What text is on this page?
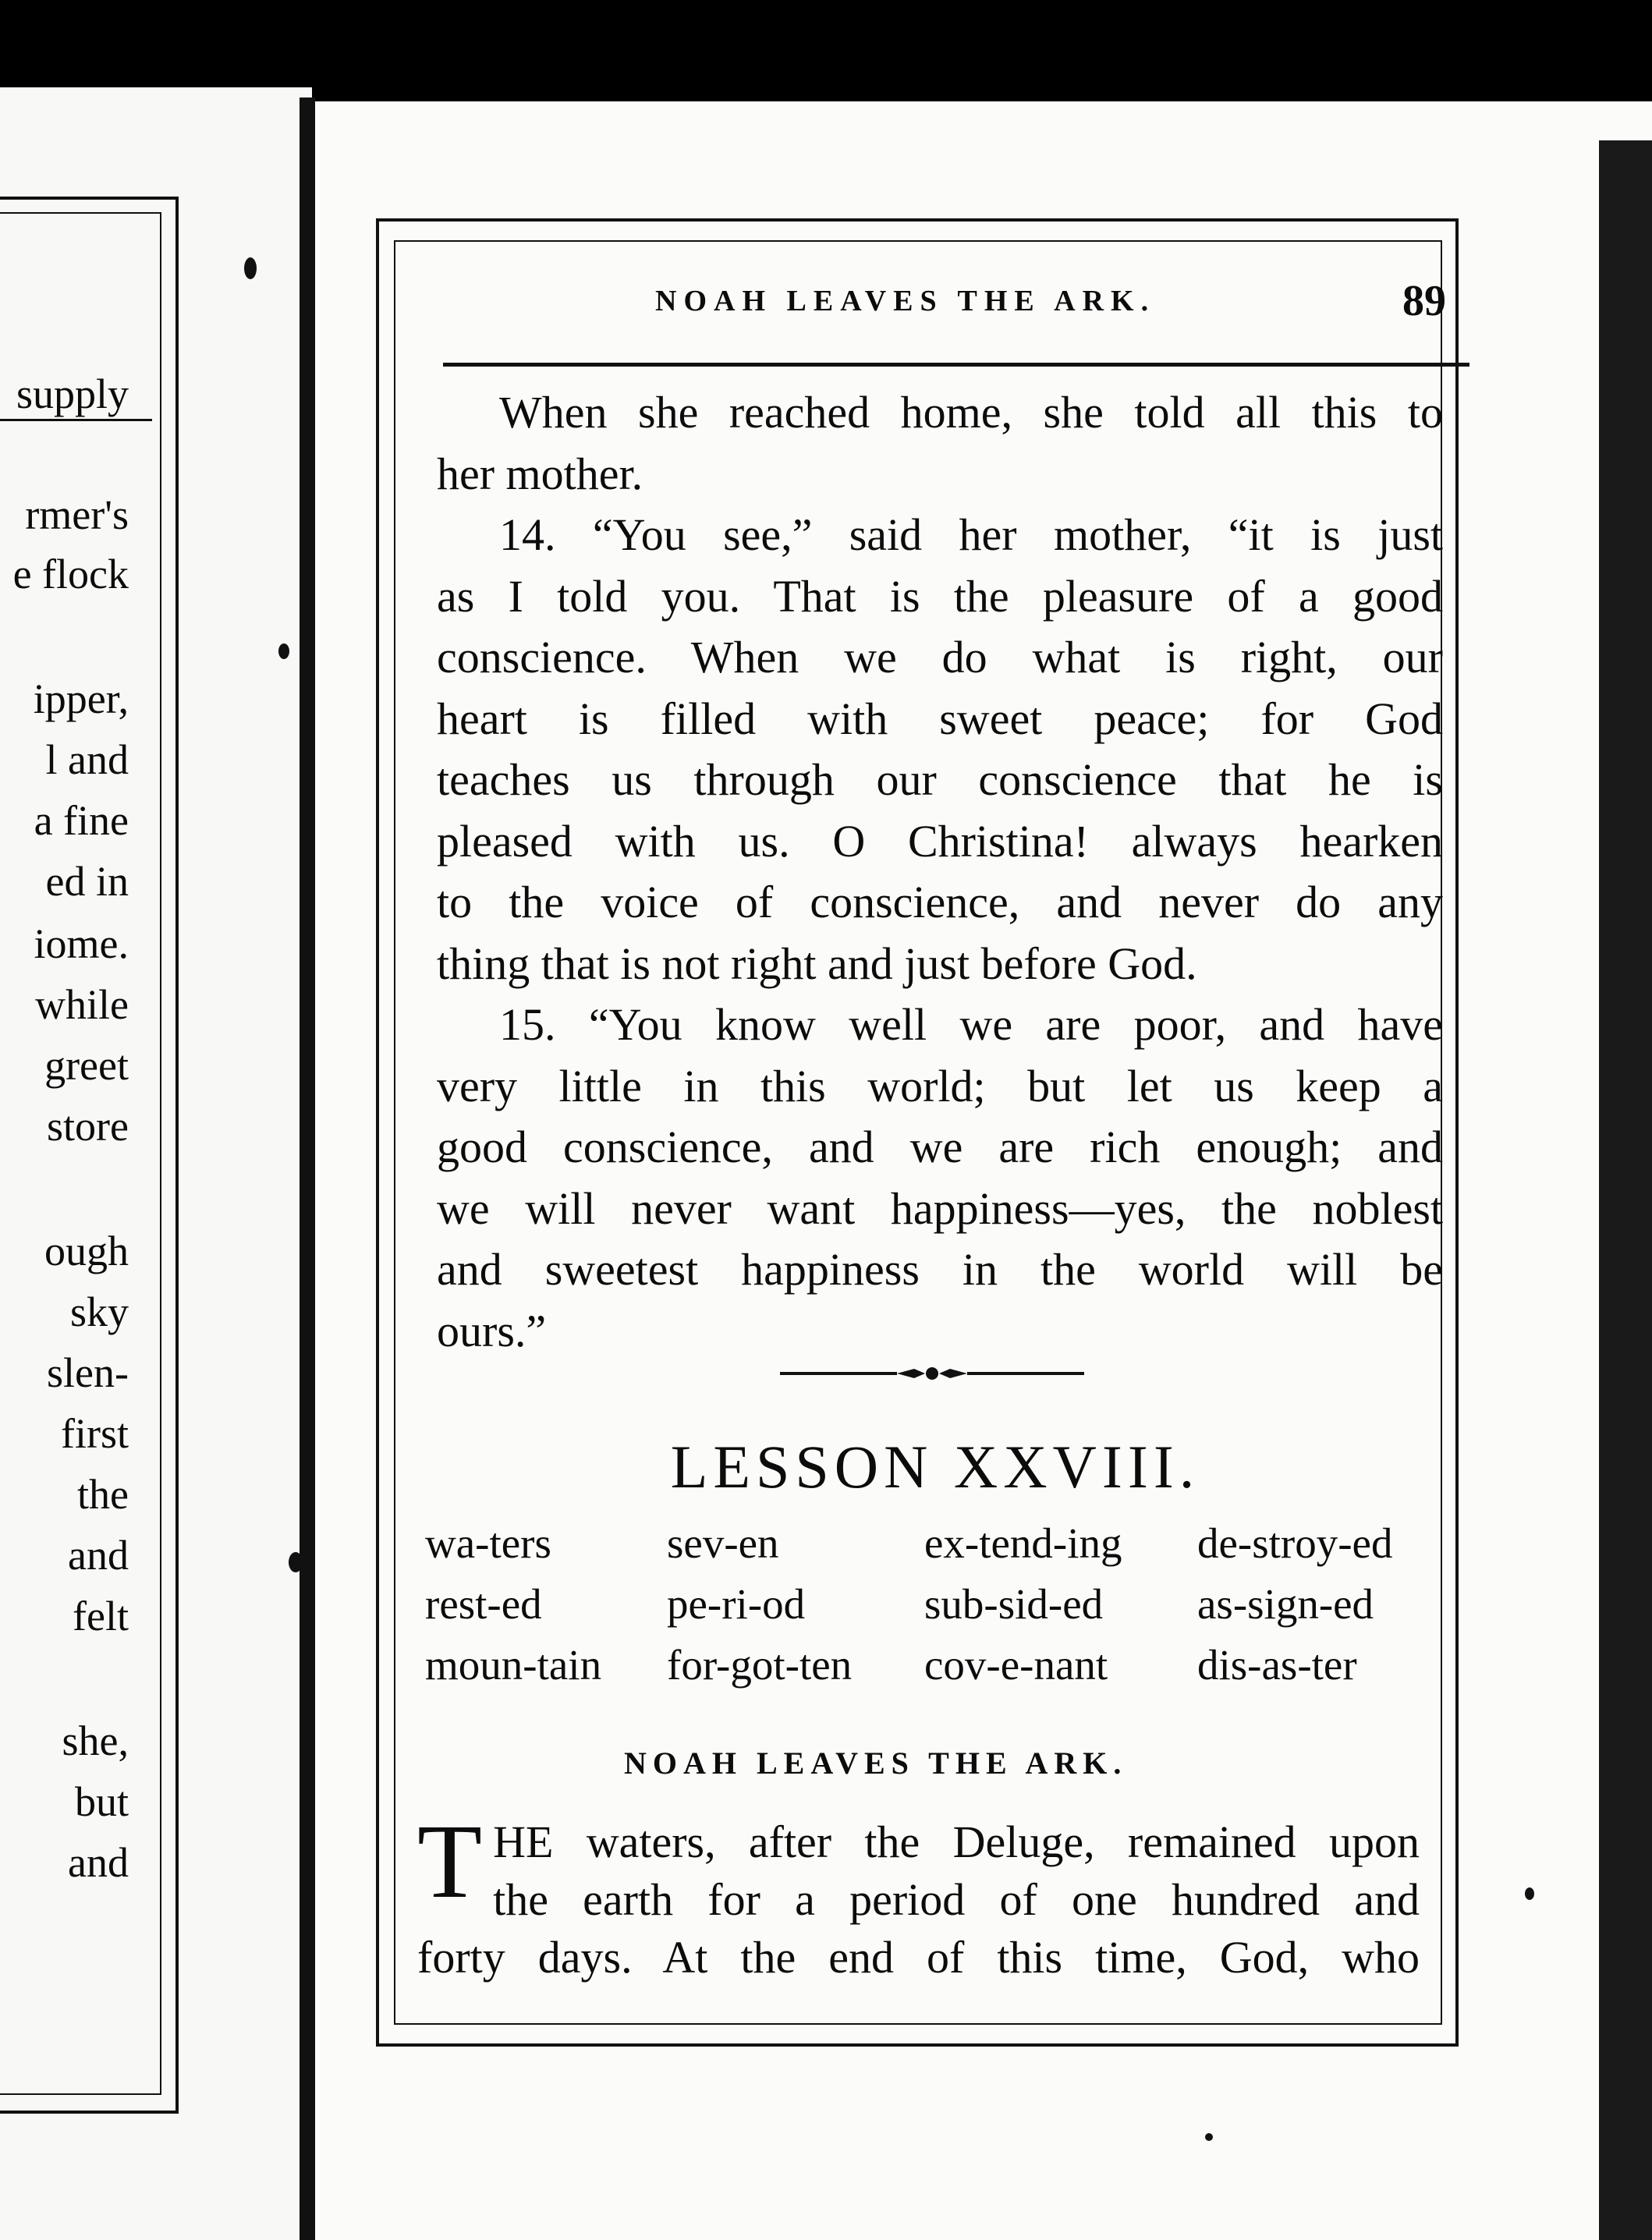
supply
rmer's
e flock
ipper,
l and
a fine
ed in
iome.
while
greet
store
ough
sky
slen-
first
the
and
felt
she,
but
and
NOAH LEAVES THE ARK.	89
When she reached home, she told all this to
her mother.
14. “You see,” said her mother, “it is just
as I told you. That is the pleasure of a good
conscience. When we do what is right, our
heart is filled with sweet peace; for God
teaches us through our conscience that he is
pleased with us. O Christina! always hearken
to the voice of conscience, and never do any
thing that is not right and just before God.
15. “You know well we are poor, and have
very little in this world; but let us keep a
good conscience, and we are rich enough; and
we will never want happiness—yes, the noblest
and sweetest happiness in the world will be
ours.”
LESSON XXVIII.
wa-ters	sev-en	ex-tend-ing	de-stroy-ed
rest-ed	pe-ri-od	sub-sid-ed	as-sign-ed
moun-tain	for-got-ten	cov-e-nant	dis-as-ter
NOAH LEAVES THE ARK.
T HE waters, after the Deluge, remained upon
the earth for a period of one hundred and
forty days. At the end of this time, God, who
